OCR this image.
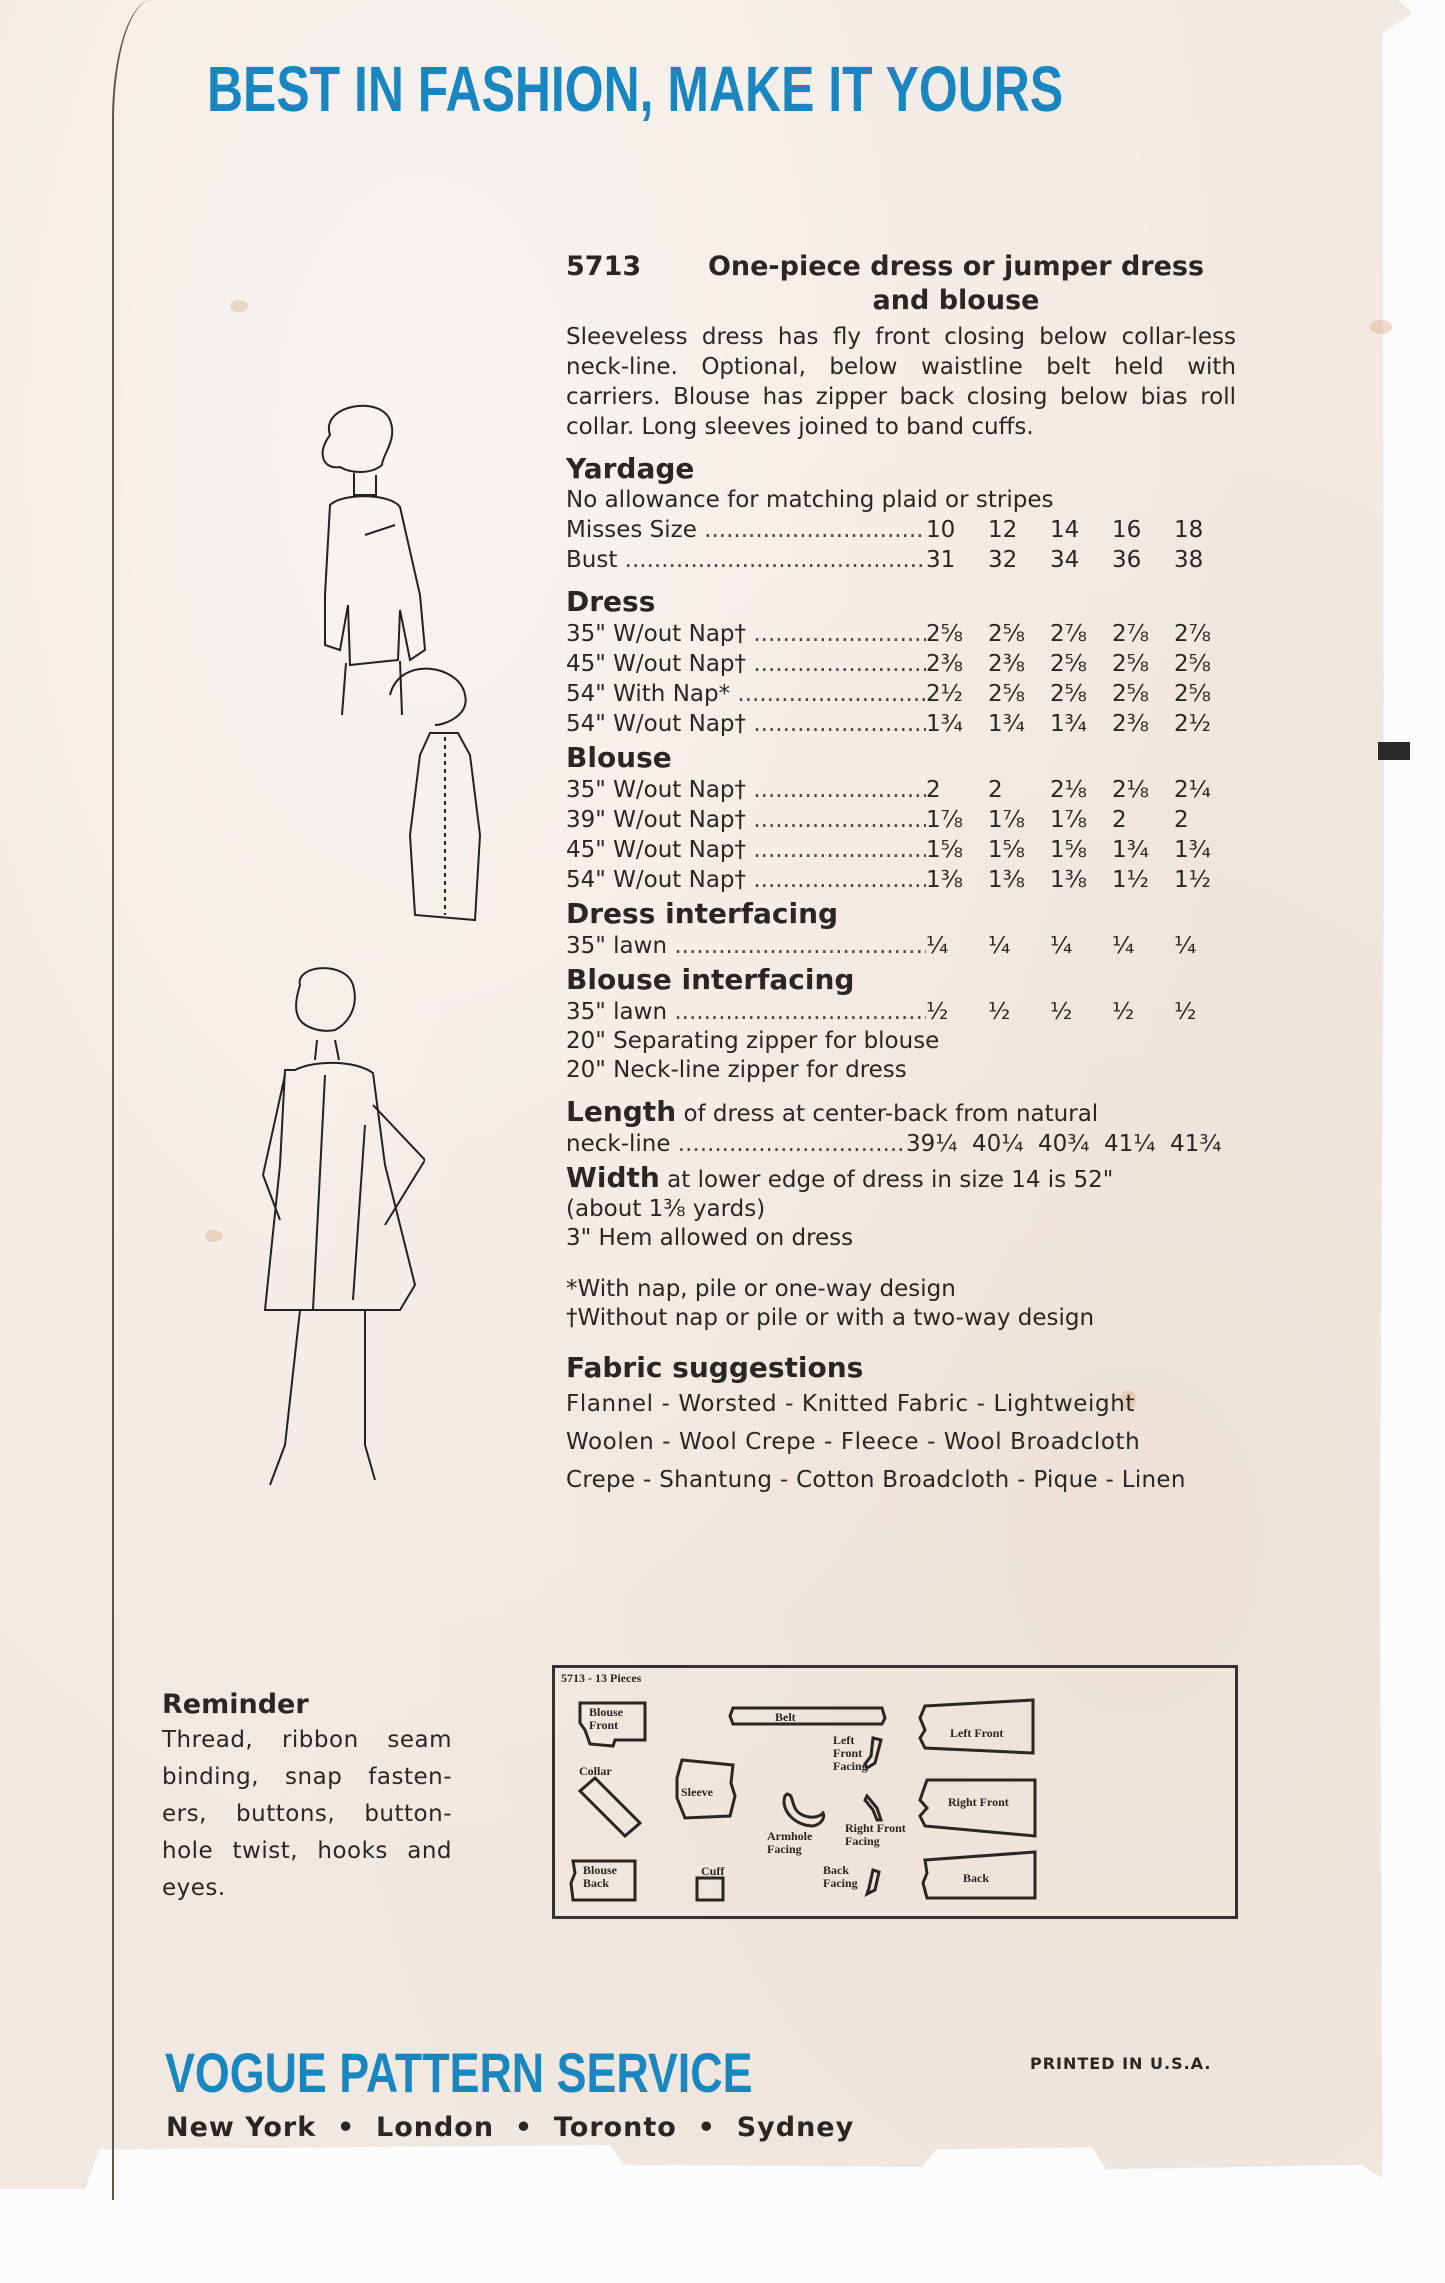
BEST IN FASHION, MAKE IT YOURS
5713	One-piece dress or jumper dress and blouse
Sleeveless dress has fly front closing below collar-less neck-line. Optional, below waistline belt held with carriers. Blouse has zipper back closing below bias roll collar. Long sleeves joined to band cuffs.
Yardage
No allowance for matching plaid or stripes
Misses Size .....	10	12	14	16	18
Bust .....	31	32	34	36	38
Dress
35" W/out Nap† .....	2⅝	2⅝	2⅞	2⅞	2⅞
45" W/out Nap† .....	2⅜	2⅜	2⅝	2⅝	2⅝
54" With Nap* .....	2½	2⅝	2⅝	2⅝	2⅝
54" W/out Nap† .....	1¾	1¾	1¾	2⅜	2½
Blouse
35" W/out Nap† .....	2	2	2⅛	2⅛	2¼
39" W/out Nap† .....	1⅞	1⅞	1⅞	2	2
45" W/out Nap† .....	1⅝	1⅝	1⅝	1¾	1¾
54" W/out Nap† .....	1⅜	1⅜	1⅜	1½	1½
Dress interfacing
35" lawn .....	¼	¼	¼	¼	¼
Blouse interfacing
35" lawn .....	½	½	½	½	½
20" Separating zipper for blouse
20" Neck-line zipper for dress
Length of dress at center-back from natural
neck-line .....	39¼ 40¼ 40¾ 41¼ 41¾
Width at lower edge of dress in size 14 is 52"
(about 1⅜ yards)
3" Hem allowed on dress
*With nap, pile or one-way design
†Without nap or pile or with a two-way design
Fabric suggestions
Flannel - Worsted - Knitted Fabric - Lightweight
Woolen - Wool Crepe - Fleece - Wool Broadcloth
Crepe - Shantung - Cotton Broadcloth - Pique - Linen
5713 - 13 Pieces
Blouse Front
Belt
Left Front
Left Front Facing
Collar
Sleeve
Right Front
Armhole Facing
Right Front Facing
Blouse Back
Cuff	Back Facing	Back
Reminder
Thread, ribbon seam binding, snap fasten-ers, buttons, button-hole twist, hooks and eyes.
VOGUE PATTERN SERVICE
New York  •  London  •  Toronto  •  Sydney
PRINTED IN U.S.A.
